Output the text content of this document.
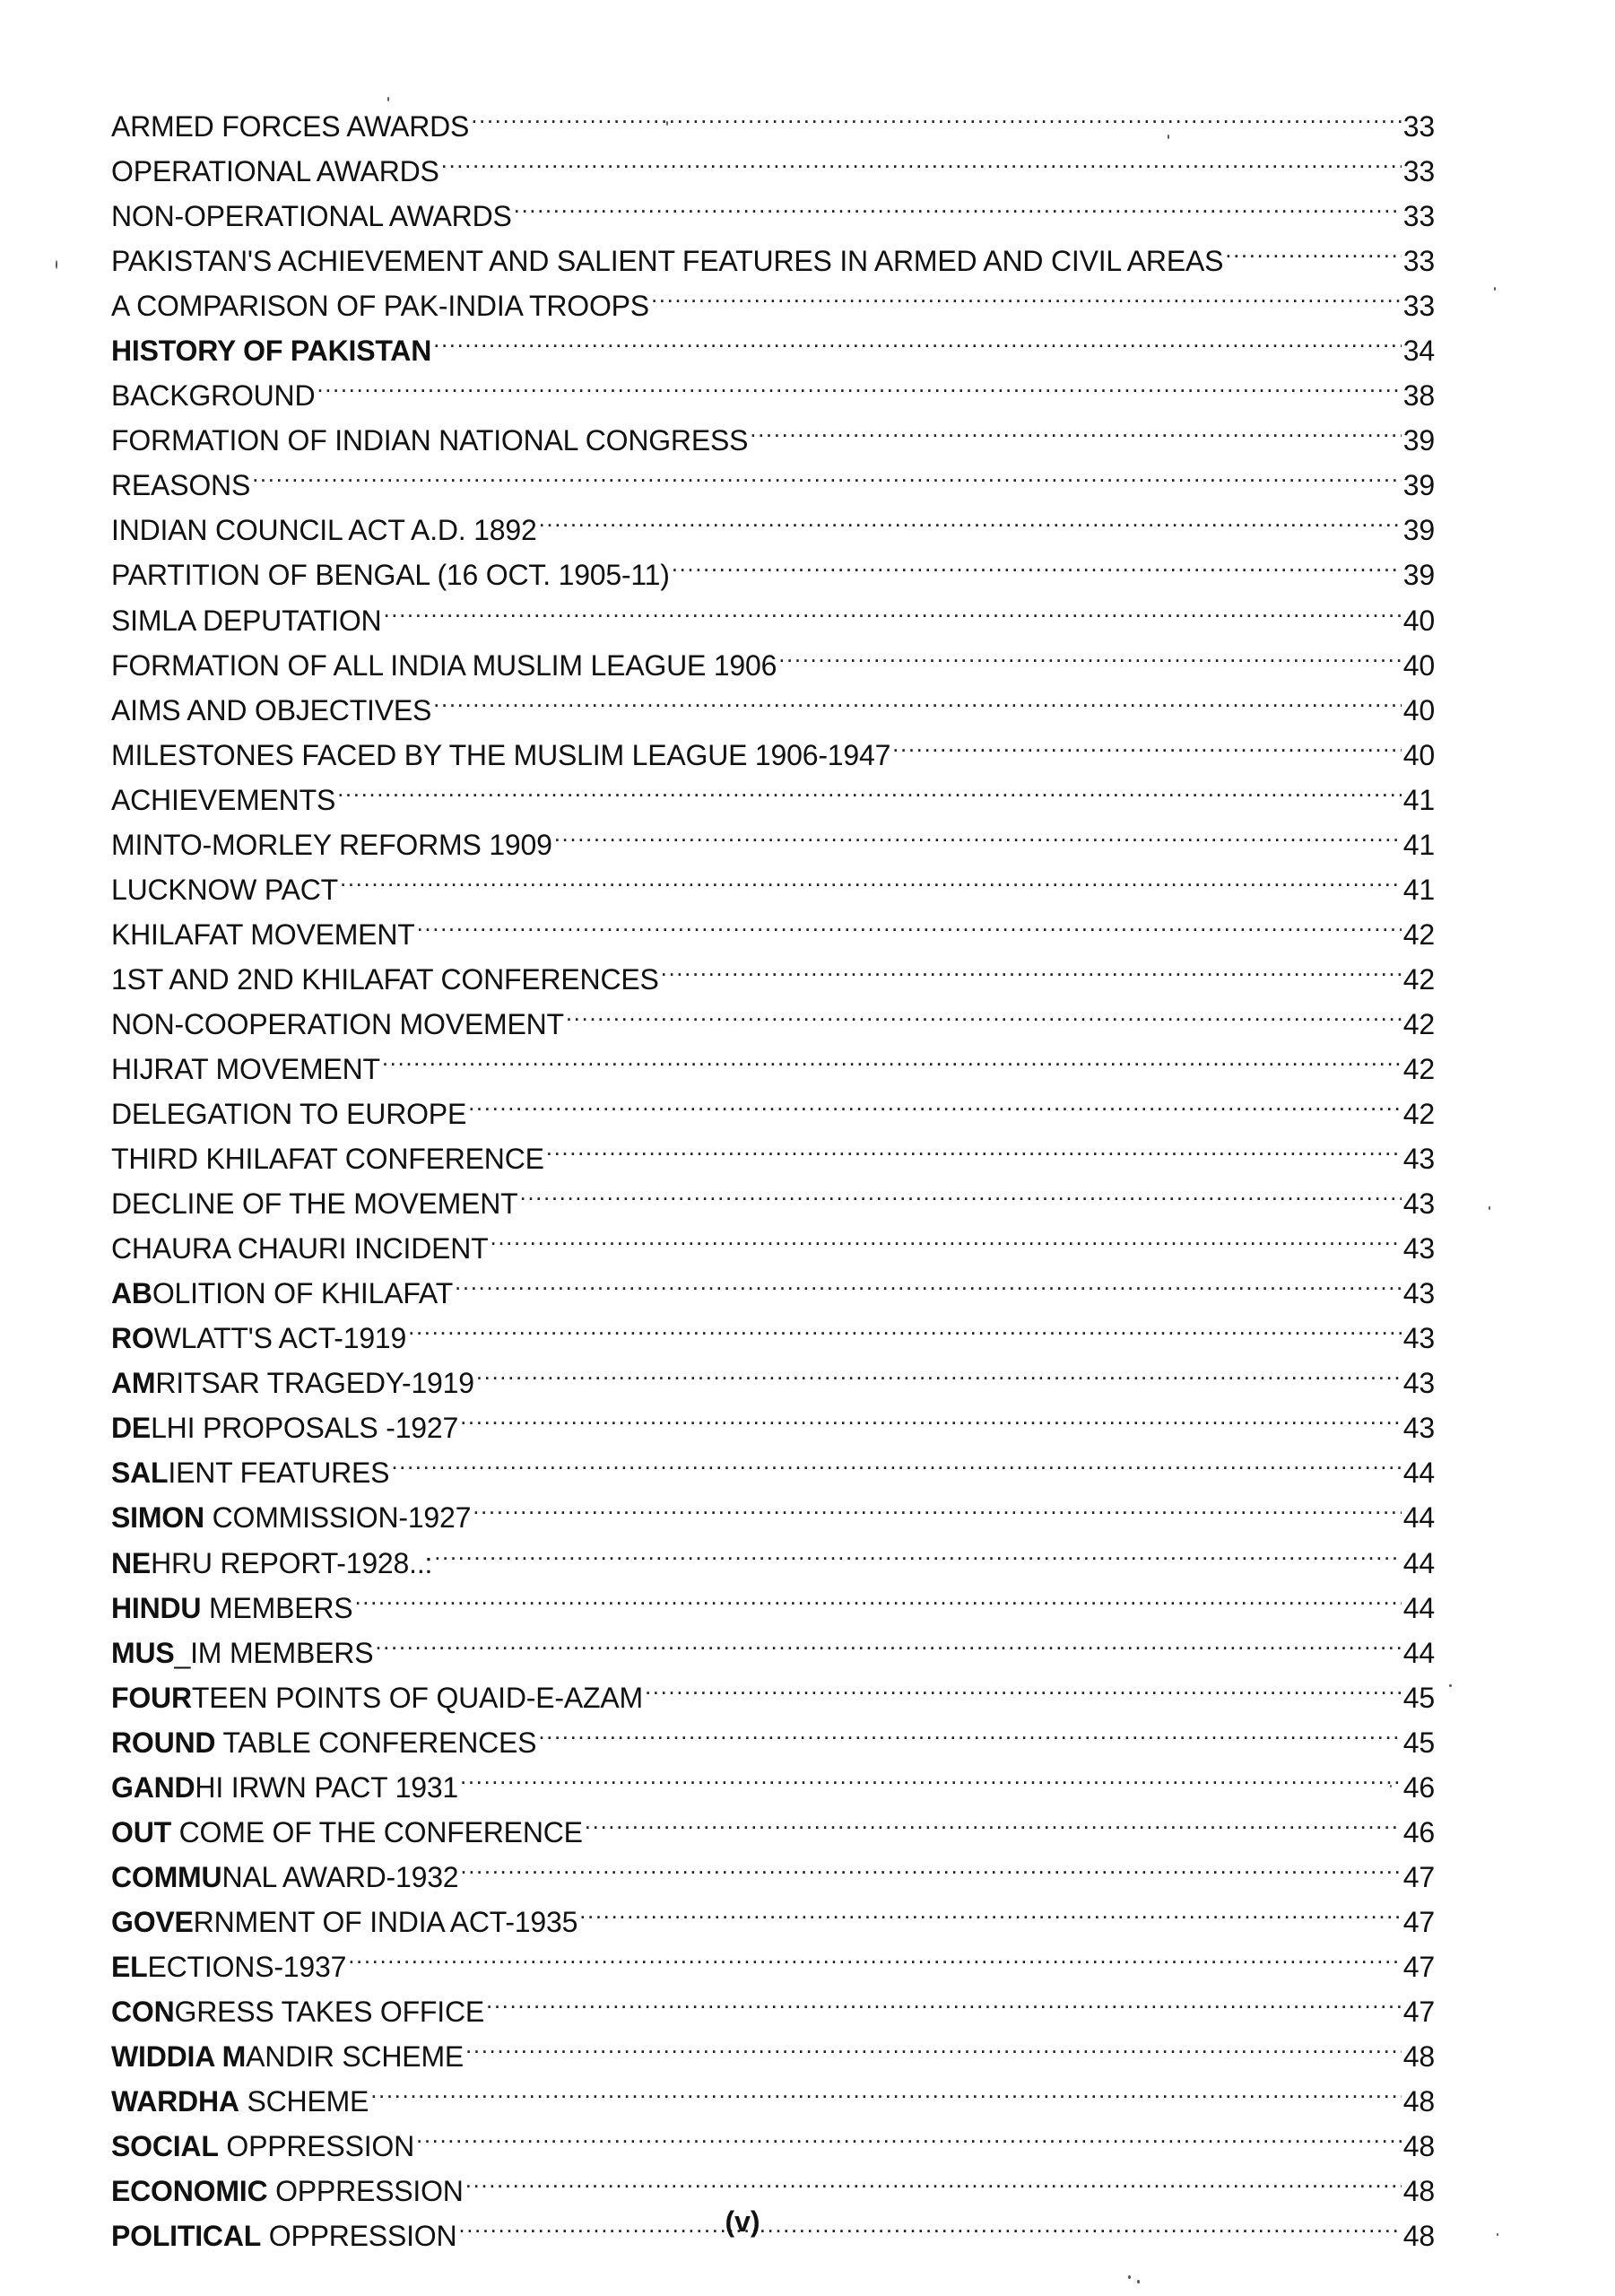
ARMED FORCES AWARDS .....	33
OPERATIONAL AWARDS .....	33
NON-OPERATIONAL AWARDS .....	33
PAKISTAN'S ACHIEVEMENT AND SALIENT FEATURES IN ARMED AND CIVIL AREAS .....	33
A COMPARISON OF PAK-INDIA TROOPS .....	33
HISTORY OF PAKISTAN .....	34
BACKGROUND .....	38
FORMATION OF INDIAN NATIONAL CONGRESS .....	39
REASONS .....	39
INDIAN COUNCIL ACT A.D. 1892 .....	39
PARTITION OF BENGAL (16 OCT. 1905-11) .....	39
SIMLA DEPUTATION .....	40
FORMATION OF ALL INDIA MUSLIM LEAGUE 1906 .....	40
AIMS AND OBJECTIVES .....	40
MILESTONES FACED BY THE MUSLIM LEAGUE 1906-1947 .....	40
ACHIEVEMENTS .....	41
MINTO-MORLEY REFORMS 1909 .....	41
LUCKNOW PACT .....	41
KHILAFAT MOVEMENT .....	42
1ST AND 2ND KHILAFAT CONFERENCES .....	42
NON-COOPERATION MOVEMENT .....	42
HIJRAT MOVEMENT .....	42
DELEGATION TO EUROPE .....	42
THIRD KHILAFAT CONFERENCE .....	43
DECLINE OF THE MOVEMENT .....	43
CHAURA CHAURI INCIDENT .....	43
ABOLITION OF KHILAFAT .....	43
ROWLATT'S ACT-1919 .....	43
AMRITSAR TRAGEDY-1919 .....	43
DELHI PROPOSALS -1927 .....	43
SALIENT FEATURES .....	44
SIMON COMMISSION-1927 .....	44
NEHRU REPORT-1928..: .....	44
HINDU MEMBERS .....	44
MUS_IM MEMBERS .....	44
FOURTEEN POINTS OF QUAID-E-AZAM .....	45
ROUND TABLE CONFERENCES .....	45
GANDHI IRWN PACT 1931 .....	46
OUT COME OF THE CONFERENCE .....	46
COMMUNAL AWARD-1932 .....	47
GOVERNMENT OF INDIA ACT-1935 .....	47
ELECTIONS-1937 .....	47
CONGRESS TAKES OFFICE .....	47
WIDDIA MANDIR SCHEME .....	48
WARDHA SCHEME .....	48
SOCIAL OPPRESSION .....	48
ECONOMIC OPPRESSION .....	48
POLITICAL OPPRESSION .....	48
(v)
